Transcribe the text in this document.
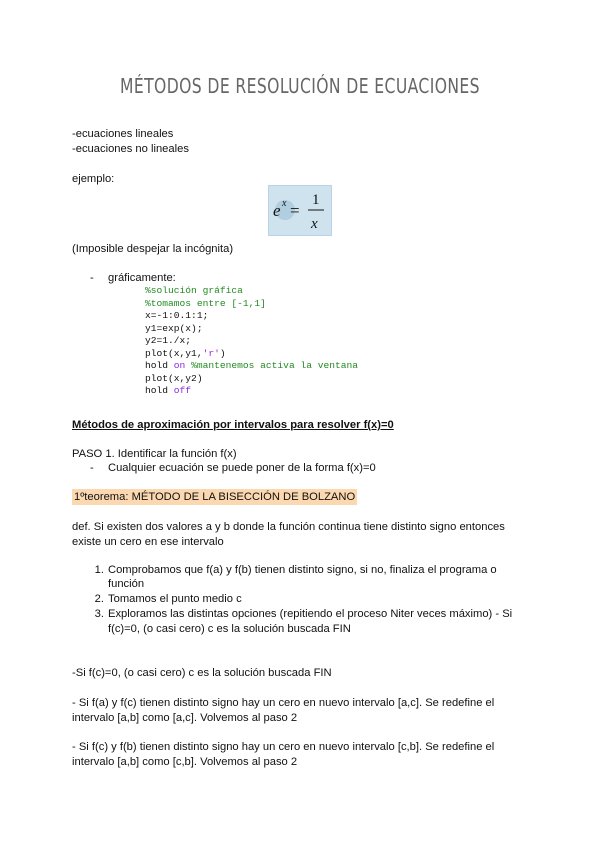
MÉTODOS DE RESOLUCIÓN DE ECUACIONES
-ecuaciones lineales
-ecuaciones no lineales
ejemplo:
e x =
1
x
(Imposible despejar la incógnita)
- gráficamente:
%solución gráfica
%tomamos entre [-1,1]
x=-1:0.1:1;
y1=exp(x);
y2=1./x;
plot(x,y1,'r')
hold on %mantenemos activa la ventana
plot(x,y2)
hold off
Métodos de aproximación por intervalos para resolver f(x)=0
PASO 1. Identificar la función f(x)
- Cualquier ecuación se puede poner de la forma f(x)=0
1ºteorema: MÉTODO DE LA BISECCIÓN DE BOLZANO
def. Si existen dos valores a y b donde la función continua tiene distinto signo entonces
existe un cero en ese intervalo
1. Comprobamos que f(a) y f(b) tienen distinto signo, si no, finaliza el programa o
función
2. Tomamos el punto medio c
3. Exploramos las distintas opciones (repitiendo el proceso Niter veces máximo) - Si
f(c)=0, (o casi cero) c es la solución buscada FIN
-Si f(c)=0, (o casi cero) c es la solución buscada FIN
- Si f(a) y f(c) tienen distinto signo hay un cero en nuevo intervalo [a,c]. Se redefine el
intervalo [a,b] como [a,c]. Volvemos al paso 2
- Si f(c) y f(b) tienen distinto signo hay un cero en nuevo intervalo [c,b]. Se redefine el
intervalo [a,b] como [c,b]. Volvemos al paso 2
